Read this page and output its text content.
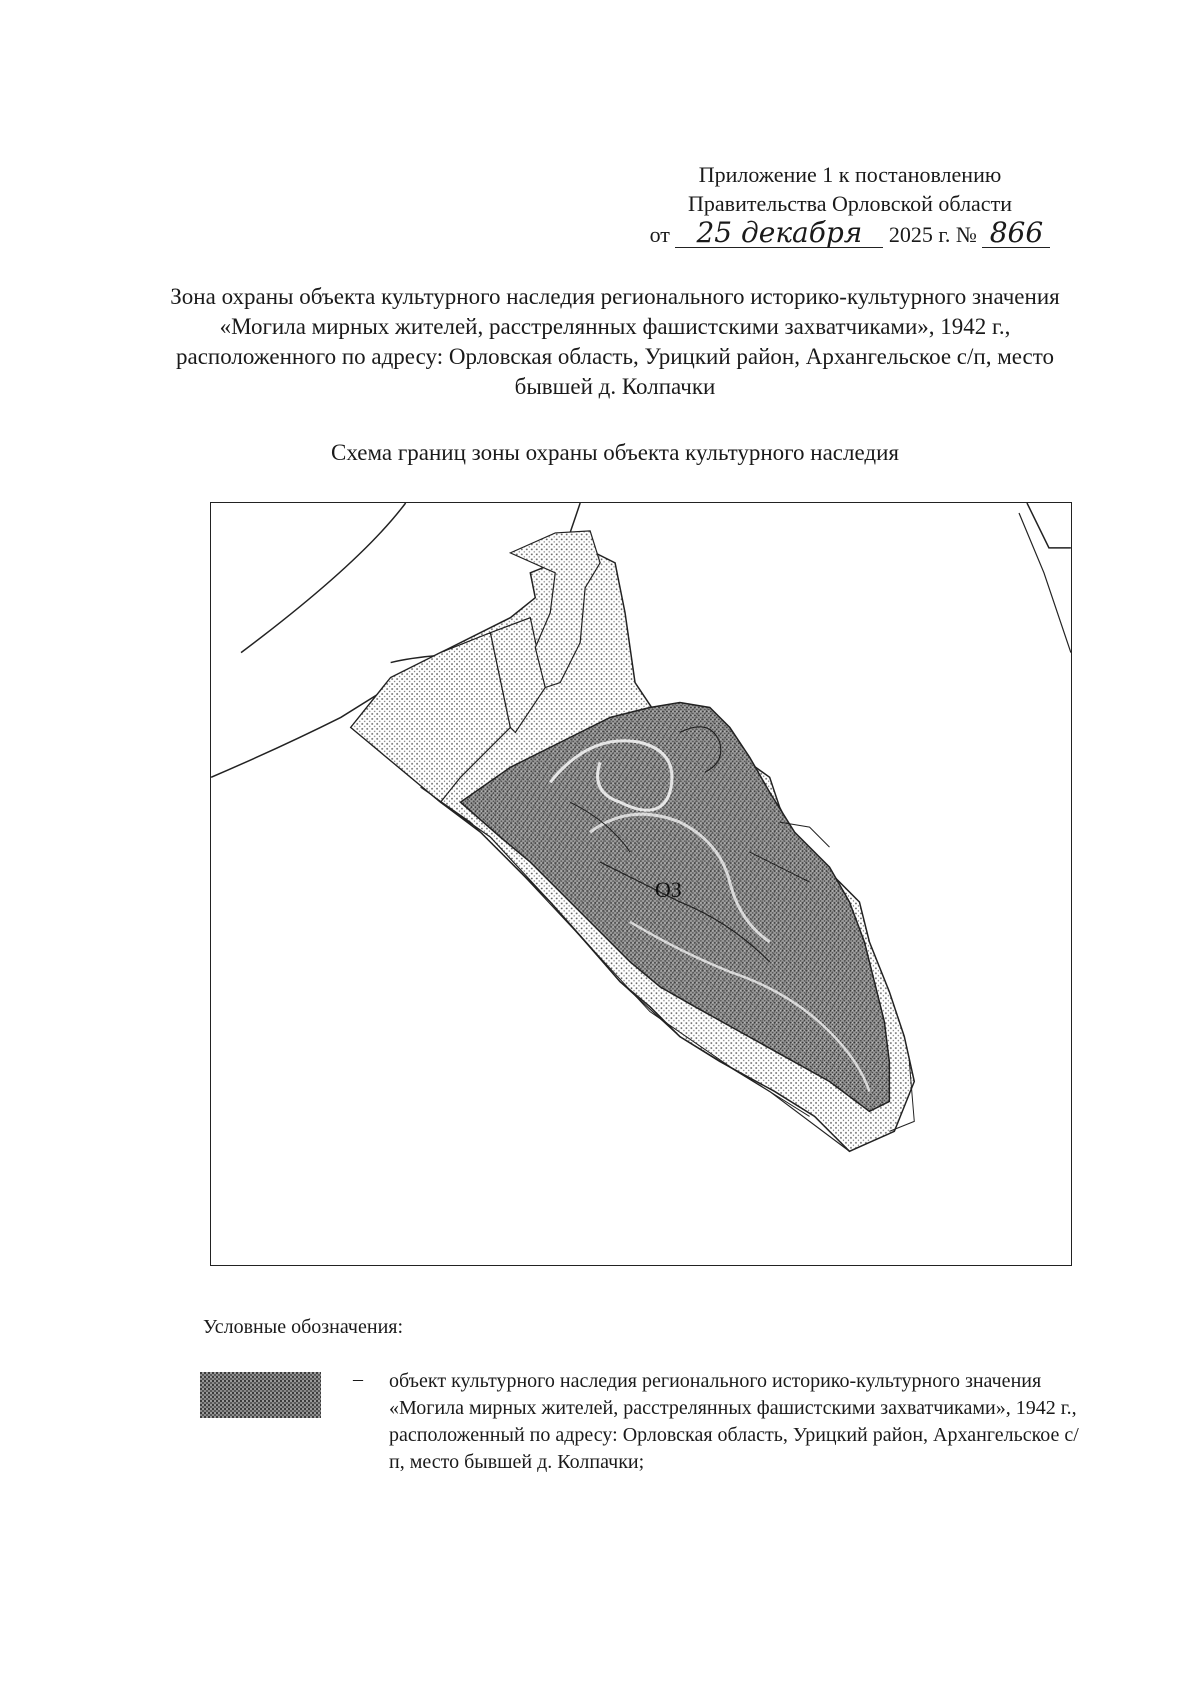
Приложение 1 к постановлению
Правительства Орловской области
от 25 декабря 2025 г. № 866
Зона охраны объекта культурного наследия регионального историко-культурного значения «Могила мирных жителей, расстрелянных фашистскими захватчиками», 1942 г., расположенного по адресу: Орловская область, Урицкий район, Архангельское с/п, место бывшей д. Колпачки
Схема границ зоны охраны объекта культурного наследия
ОЗ
Условные обозначения:
– объект культурного наследия регионального историко-культурного значения «Могила мирных жителей, расстрелянных фашистскими захватчиками», 1942 г., расположенный по адресу: Орловская область, Урицкий район, Архангельское с/п, место бывшей д. Колпачки;
